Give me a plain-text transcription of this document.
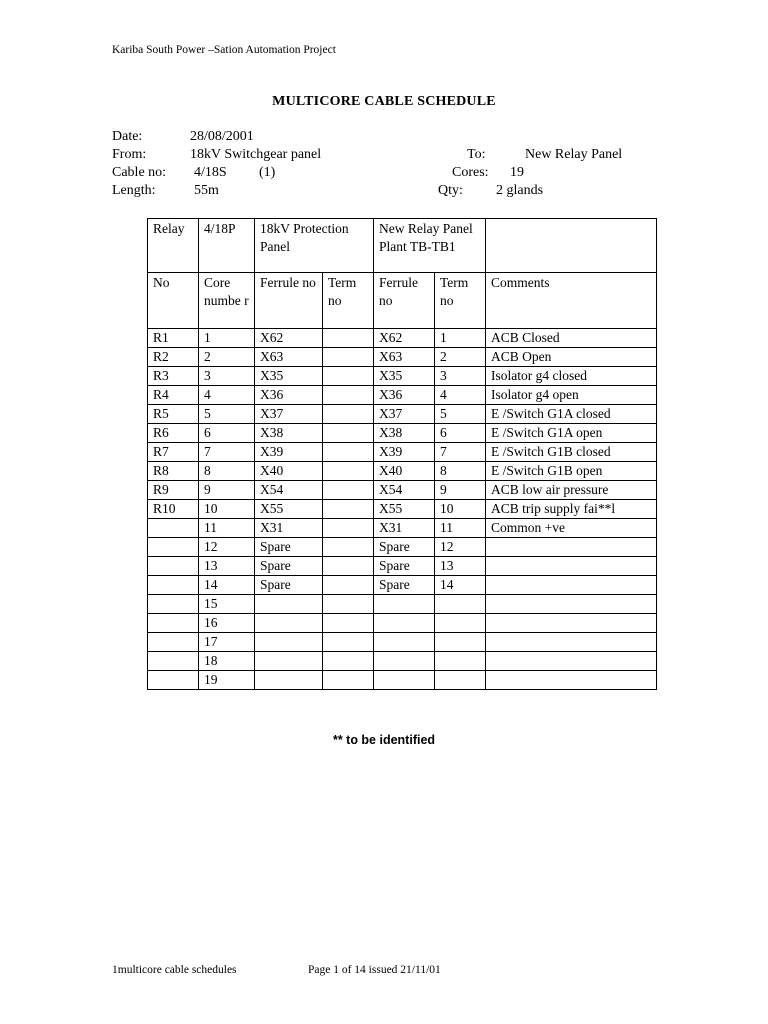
Kariba South Power –Sation Automation Project
MULTICORE CABLE SCHEDULE
Date:	28/08/2001
From:	18kV Switchgear panel	To:	New Relay Panel
Cable no: 4/18S (1)	Cores: 19
Length:	55m	Qty: 2 glands
Relay	4/18P	18kV Protection Panel		New Relay Panel Plant TB-TB1		
No	Core numbe r	Ferrule no	Term no	Ferrule no	Term no	Comments
R1	1	X62		X62	1	ACB Closed
R2	2	X63		X63	2	ACB Open
R3	3	X35		X35	3	Isolator g4 closed
R4	4	X36		X36	4	Isolator g4 open
R5	5	X37		X37	5	E /Switch G1A closed
R6	6	X38		X38	6	E /Switch G1A open
R7	7	X39		X39	7	E /Switch G1B closed
R8	8	X40		X40	8	E /Switch G1B open
R9	9	X54		X54	9	ACB low air pressure
R10	10	X55		X55	10	ACB trip supply fai**l
	11	X31		X31	11	Common +ve
	12	Spare		Spare	12	
	13	Spare		Spare	13	
	14	Spare		Spare	14	
	15					
	16					
	17					
	18					
	19					
** to be identified
1multicore cable schedules	Page 1 of 14 issued 21/11/01
